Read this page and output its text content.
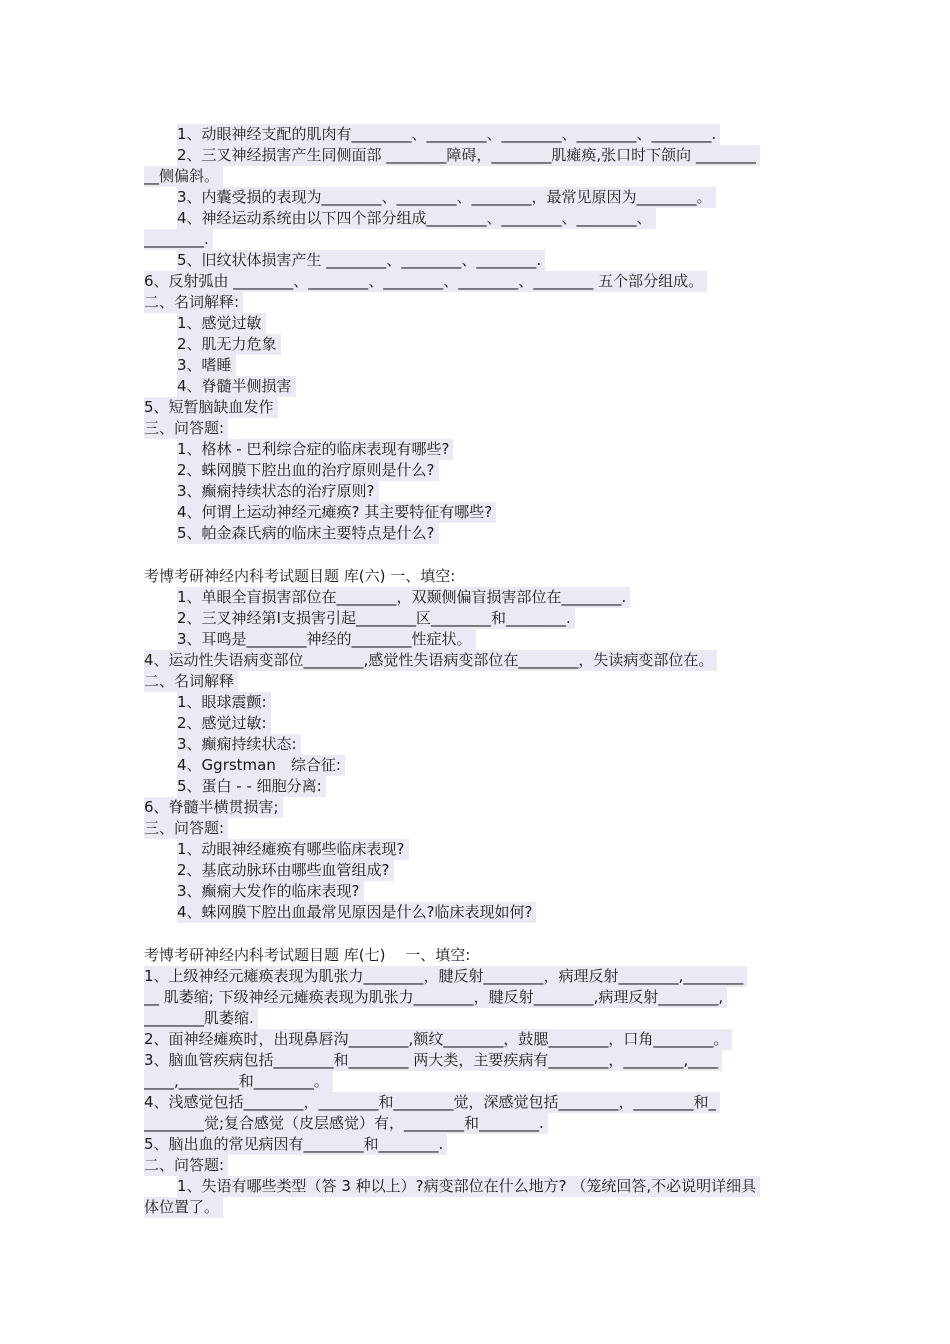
1、动眼神经支配的肌肉有________、________、________、________、________.
2、三叉神经损害产生同侧面部 ________障碍，________肌瘫痪,张口时下颌向 ________
__侧偏斜。
3、内囊受损的表现为________、________、________，最常见原因为________。
4、神经运动系统由以下四个部分组成________、________、________、
________.
5、旧纹状体损害产生 ________、________、________.
6、反射弧由 ________、________、________、________、________ 五个部分组成。
二、名词解释:
1、感觉过敏
2、肌无力危象
3、嗜睡
4、脊髓半侧损害
5、短暂脑缺血发作
三、问答题:
1、格林 - 巴利综合症的临床表现有哪些?
2、蛛网膜下腔出血的治疗原则是什么?
3、癫痫持续状态的治疗原则?
4、何谓上运动神经元瘫痪? 其主要特征有哪些?
5、帕金森氏病的临床主要特点是什么?
考博考研神经内科考试题目题 库(六) 一、填空:
1、单眼全盲损害部位在________，双颞侧偏盲损害部位在________.
2、三叉神经第Ⅰ支损害引起________区________和________.
3、耳鸣是________神经的________性症状。
4、运动性失语病变部位________,感觉性失语病变部位在________，失读病变部位在。
二、名词解释
1、眼球震颤:
2、感觉过敏:
3、癫痫持续状态:
4、Ggrstman　综合征:
5、蛋白 - - 细胞分离:
6、脊髓半横贯损害;
三、问答题:
1、动眼神经瘫痪有哪些临床表现?
2、基底动脉环由哪些血管组成?
3、癫痫大发作的临床表现?
4、蛛网膜下腔出血最常见原因是什么?临床表现如何?
考博考研神经内科考试题目题 库(七)　 一、填空:
1、上级神经元瘫痪表现为肌张力________，腱反射________，病理反射________,________
__ 肌萎缩; 下级神经元瘫痪表现为肌张力________，腱反射________,病理反射________,
________肌萎缩.
2、面神经瘫痪时，出现鼻唇沟________,额纹________，鼓腮________，口角________。
3、脑血管疾病包括________和________ 两大类，主要疾病有________，________,____
____,________和________。
4、浅感觉包括________，________和________觉，深感觉包括________，________和_
________觉;复合感觉（皮层感觉）有，________和________.
5、脑出血的常见病因有________和________.
二、问答题:
1、失语有哪些类型（答 3 种以上）?病变部位在什么地方? （笼统回答,不必说明详细具
体位置了。
